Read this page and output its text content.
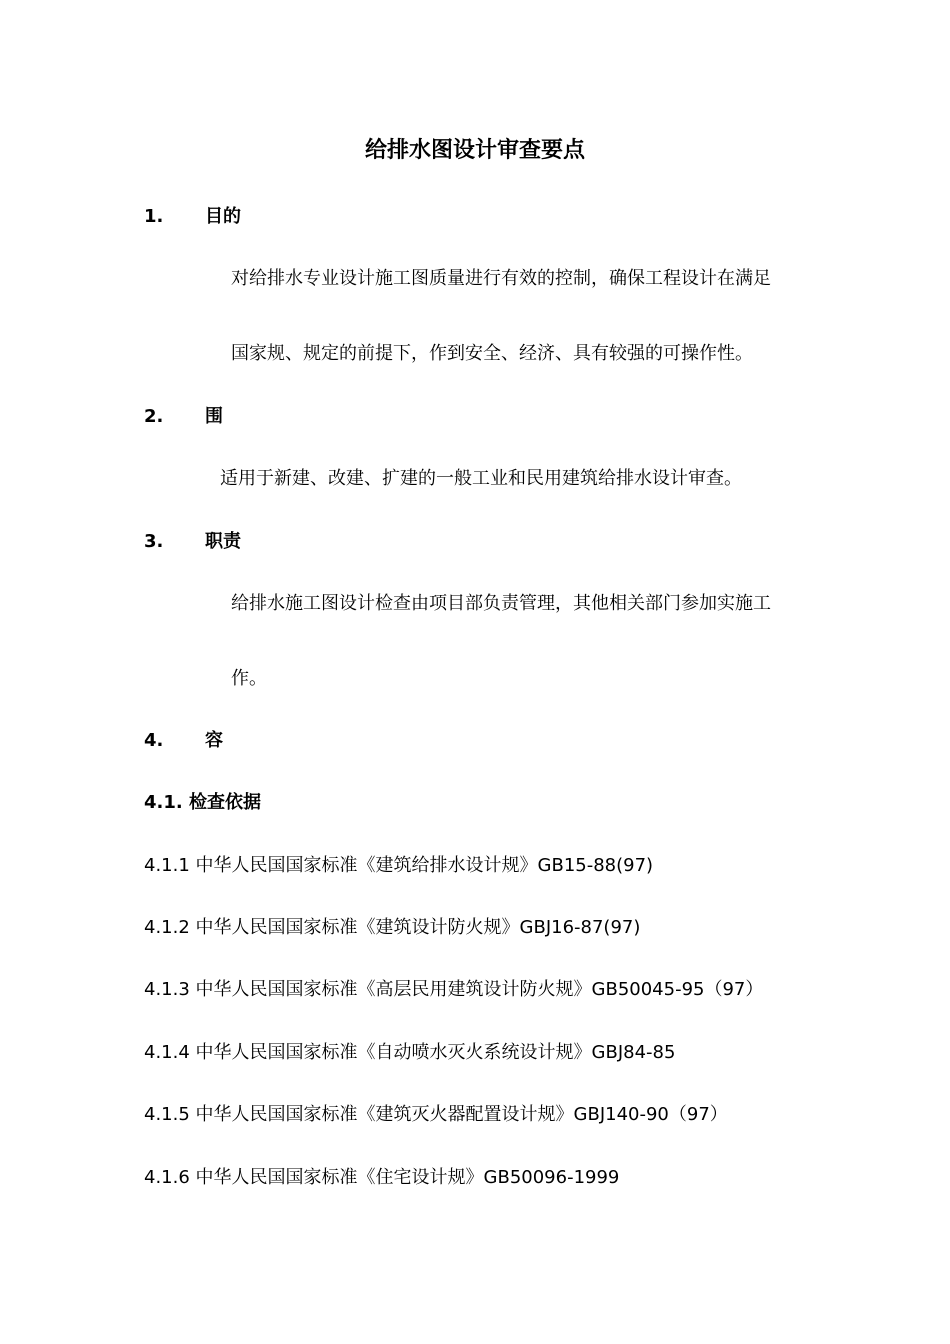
给排水图设计审查要点
1. 目的
对给排水专业设计施工图质量进行有效的控制，确保工程设计在满足
国家规、规定的前提下，作到安全、经济、具有较强的可操作性。
2. 围
适用于新建、改建、扩建的一般工业和民用建筑给排水设计审查。
3. 职责
给排水施工图设计检查由项目部负责管理，其他相关部门参加实施工
作。
4. 容
4.1. 检查依据
4.1.1 中华人民国国家标准《建筑给排水设计规》GB15-88(97)
4.1.2 中华人民国国家标准《建筑设计防火规》GBJ16-87(97)
4.1.3 中华人民国国家标准《高层民用建筑设计防火规》GB50045-95（97）
4.1.4 中华人民国国家标准《自动喷水灭火系统设计规》GBJ84-85
4.1.5 中华人民国国家标准《建筑灭火器配置设计规》GBJ140-90（97）
4.1.6 中华人民国国家标准《住宅设计规》GB50096-1999
